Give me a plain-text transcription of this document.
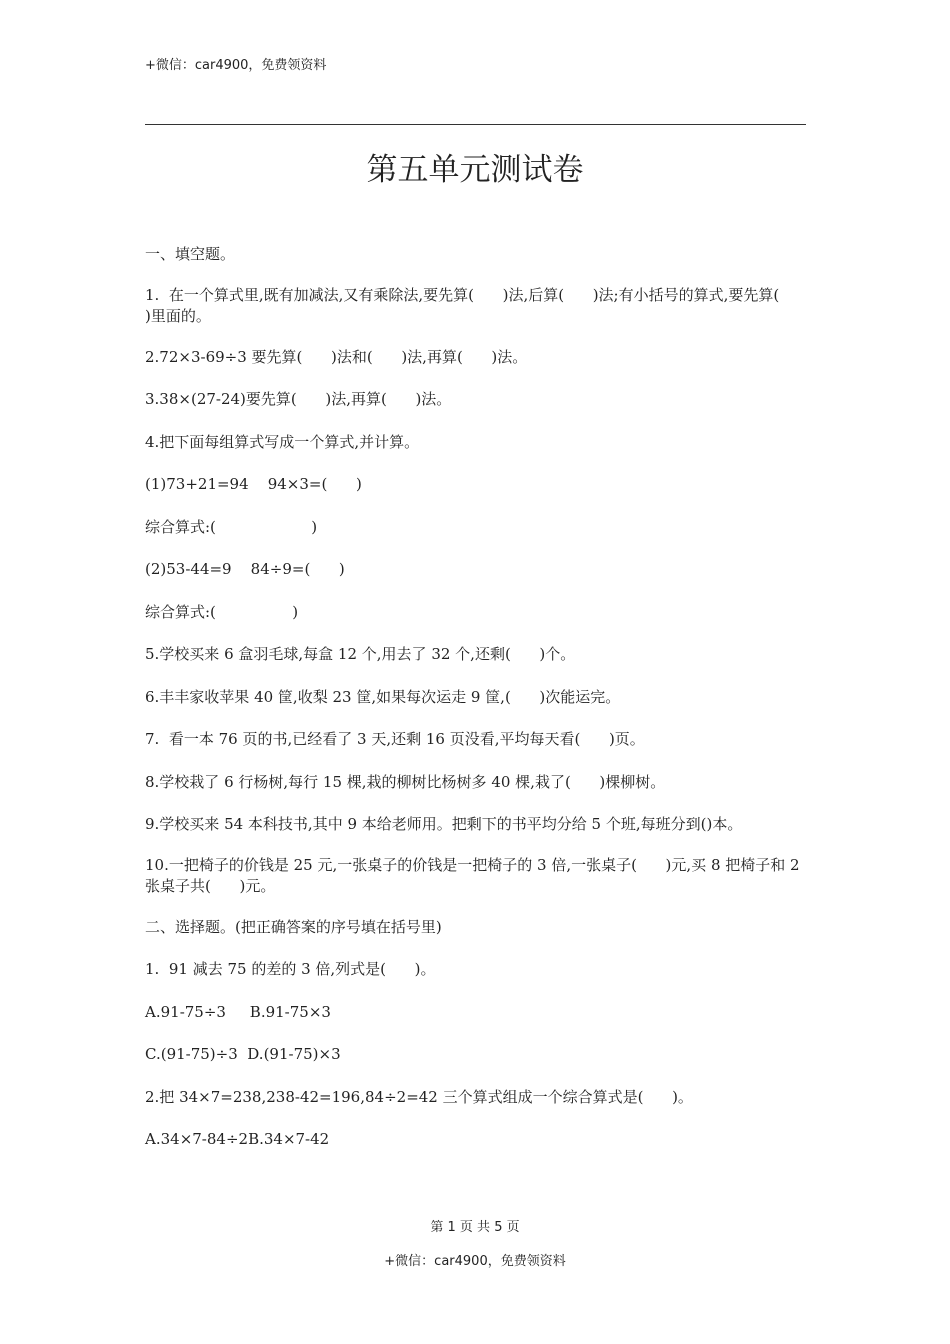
+微信：car4900，免费领资料
第五单元测试卷

一、填空题。

1.  在一个算式里,既有加减法,又有乘除法,要先算(      )法,后算(      )法;有小括号的算式,要先算(      )里面的。

2.72×3-69÷3 要先算(      )法和(      )法,再算(      )法。

3.38×(27-24)要先算(      )法,再算(      )法。

4.把下面每组算式写成一个算式,并计算。

(1)73+21=94    94×3=(      )

综合算式:(                    )

(2)53-44=9    84÷9=(      )

综合算式:(                )

5.学校买来 6 盒羽毛球,每盒 12 个,用去了 32 个,还剩(      )个。

6.丰丰家收苹果 40 筐,收梨 23 筐,如果每次运走 9 筐,(      )次能运完。

7.  看一本 76 页的书,已经看了 3 天,还剩 16 页没看,平均每天看(      )页。

8.学校栽了 6 行杨树,每行 15 棵,栽的柳树比杨树多 40 棵,栽了(      )棵柳树。

9.学校买来 54 本科技书,其中 9 本给老师用。把剩下的书平均分给 5 个班,每班分到()本。

10.一把椅子的价钱是 25 元,一张桌子的价钱是一把椅子的 3 倍,一张桌子(      )元,买 8 把椅子和 2 张桌子共(      )元。

二、选择题。(把正确答案的序号填在括号里)

1.  91 减去 75 的差的 3 倍,列式是(      )。

A.91-75÷3     B.91-75×3

C.(91-75)÷3  D.(91-75)×3

2.把 34×7=238,238-42=196,84÷2=42 三个算式组成一个综合算式是(      )。

A.34×7-84÷2B.34×7-42

第 1 页 共 5 页
+微信：car4900，免费领资料
